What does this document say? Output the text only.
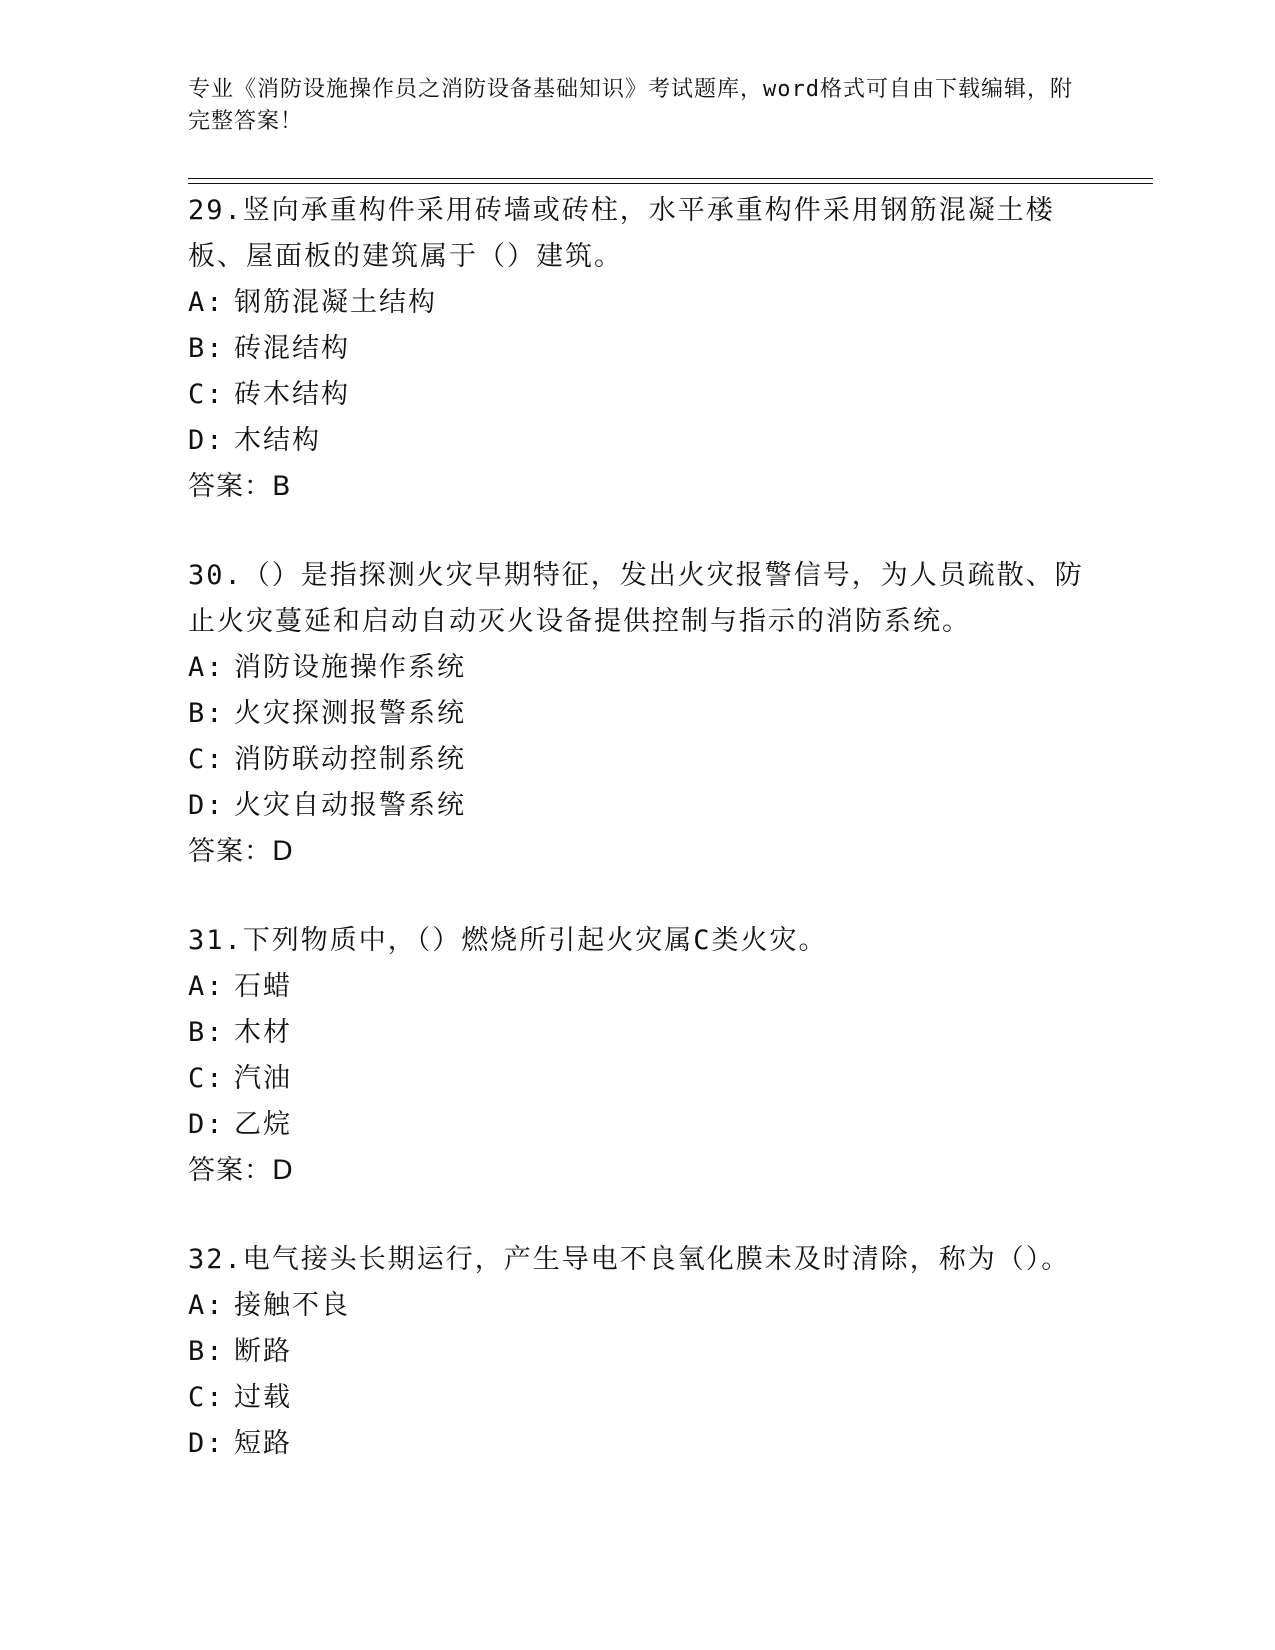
专业《消防设施操作员之消防设备基础知识》考试题库，word格式可自由下载编辑，附完整答案！

29.竖向承重构件采用砖墙或砖柱，水平承重构件采用钢筋混凝土楼板、屋面板的建筑属于（）建筑。

A: 钢筋混凝土结构
B: 砖混结构
C: 砖木结构
D: 木结构
答案：B

30.（）是指探测火灾早期特征，发出火灾报警信号，为人员疏散、防止火灾蔓延和启动自动灭火设备提供控制与指示的消防系统。

A: 消防设施操作系统
B: 火灾探测报警系统
C: 消防联动控制系统
D: 火灾自动报警系统
答案：D

31.下列物质中，（）燃烧所引起火灾属C类火灾。

A: 石蜡
B: 木材
C: 汽油
D: 乙烷
答案：D

32.电气接头长期运行，产生导电不良氧化膜未及时清除，称为（）。

A: 接触不良
B: 断路
C: 过载
D: 短路
